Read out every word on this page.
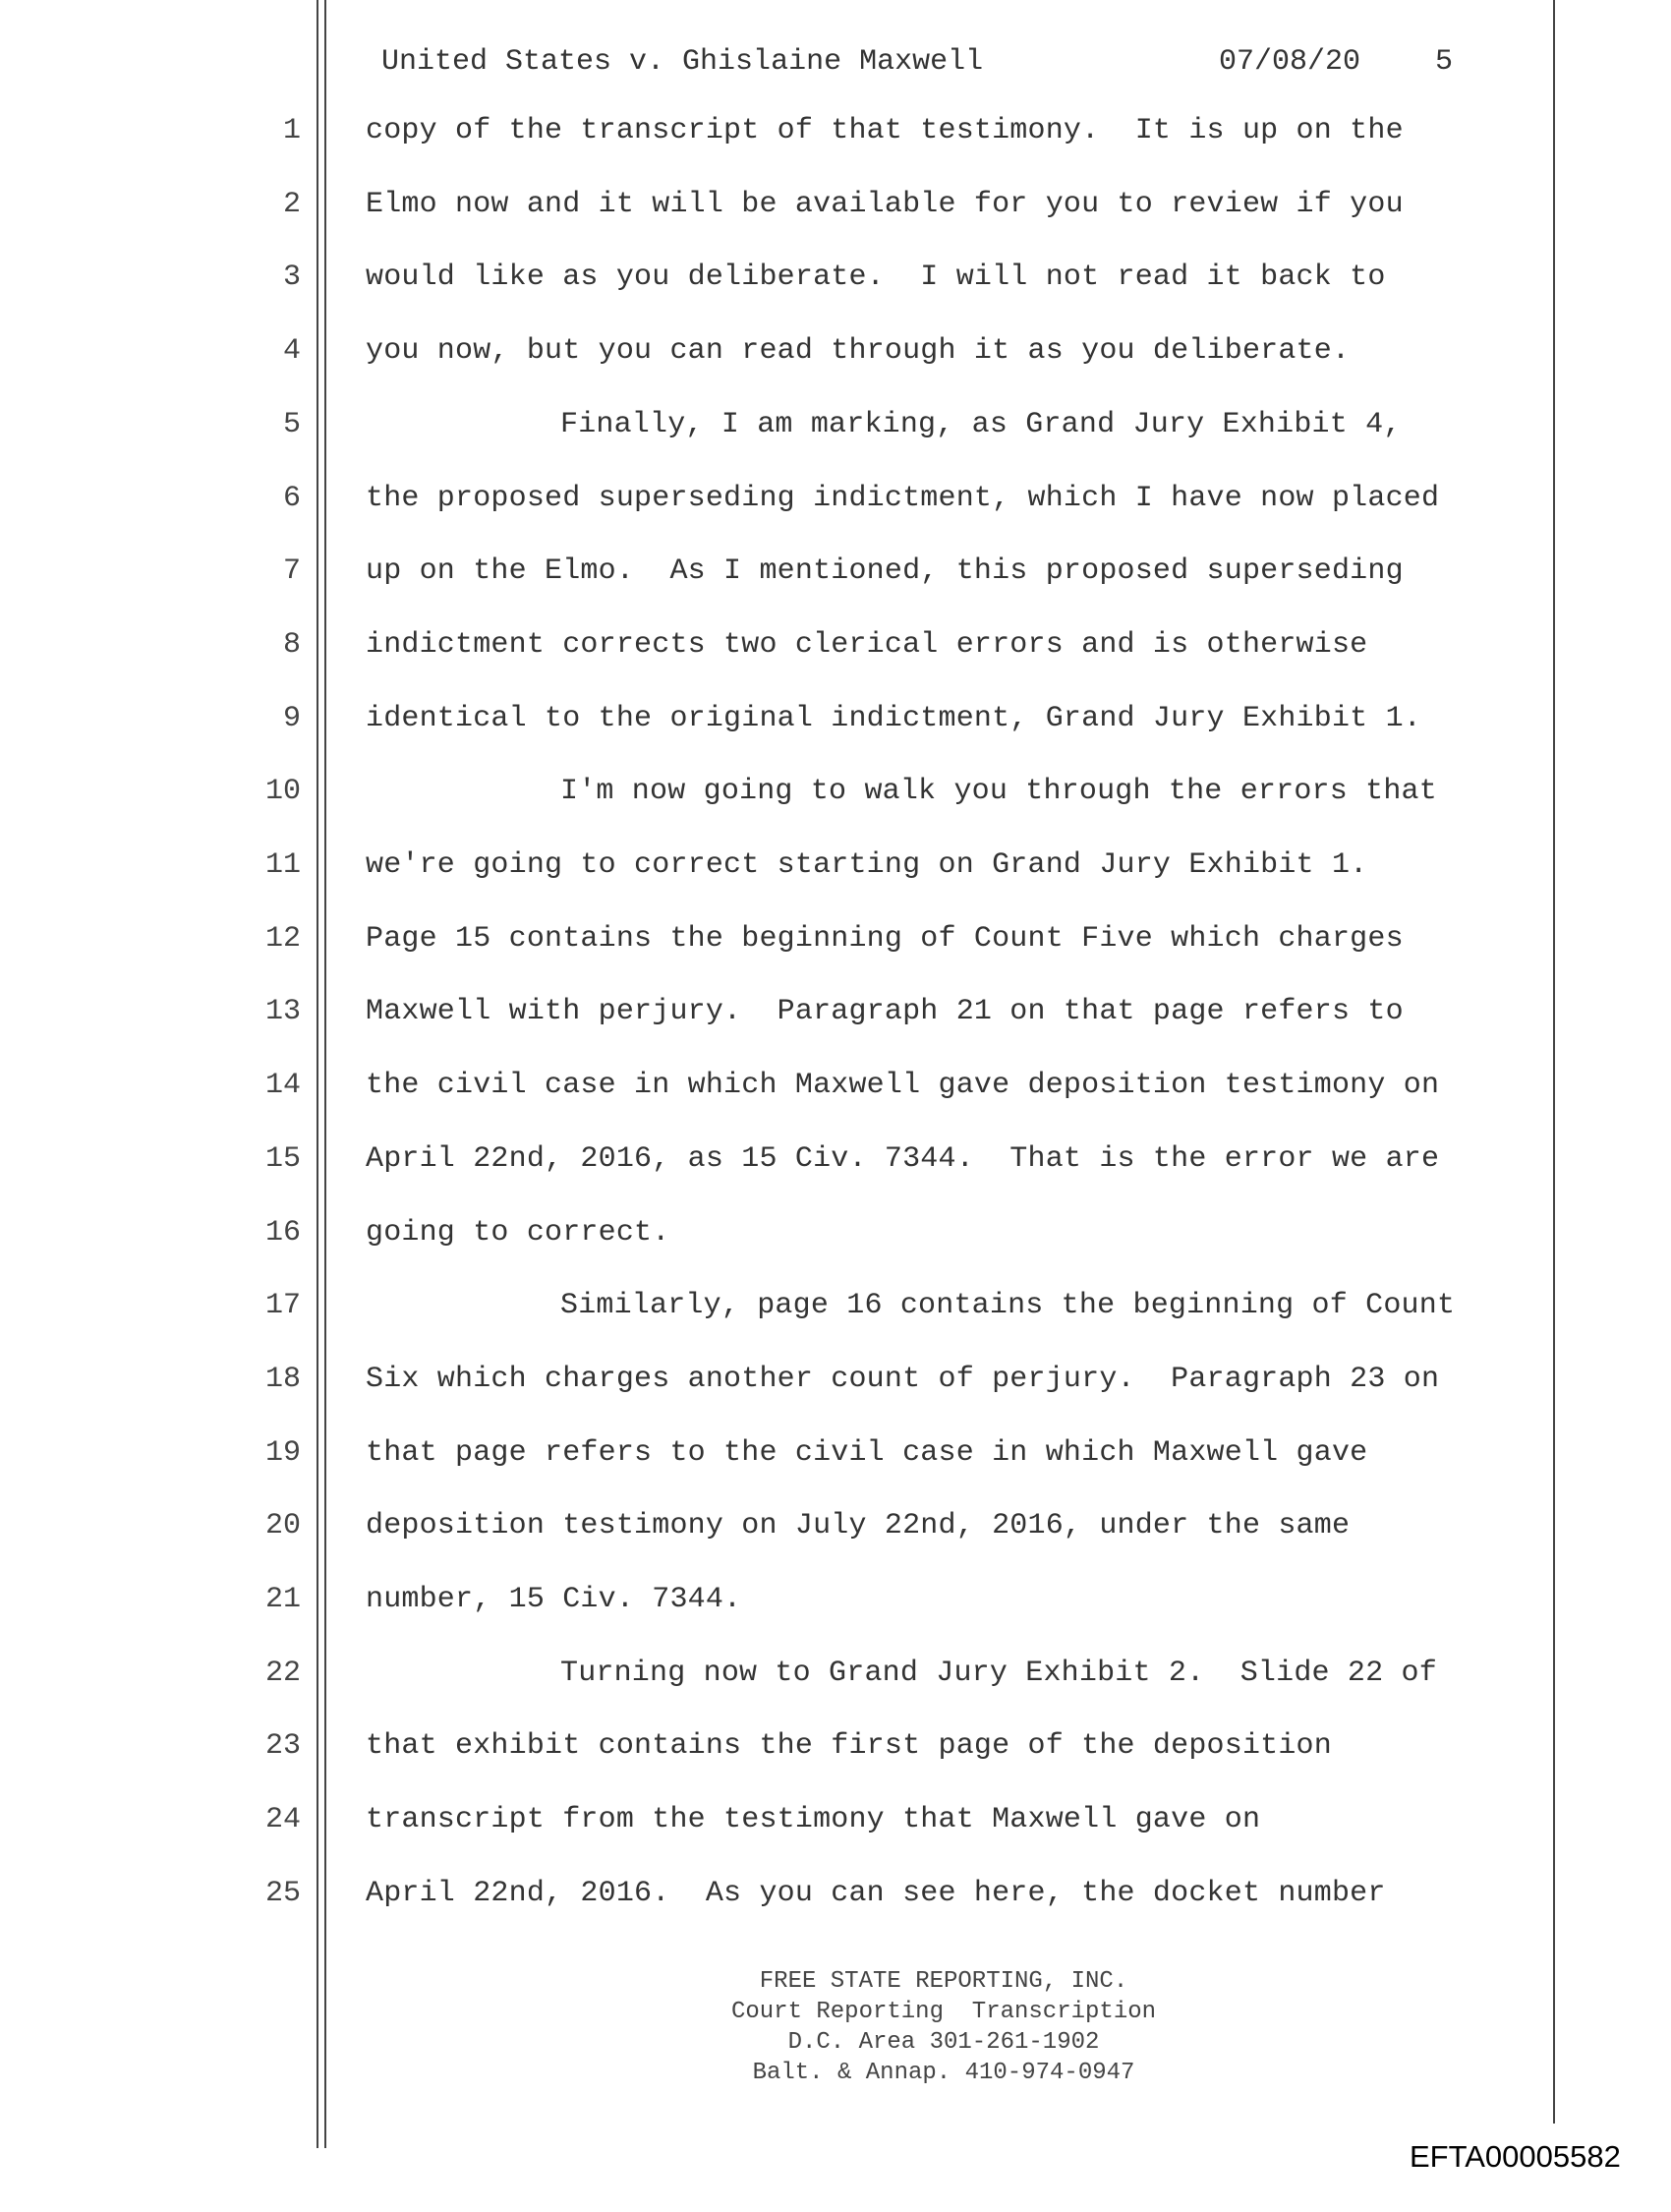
United States v. Ghislaine Maxwell

	07/08/20

	5

1 copy of the transcript of that testimony.  It is up on the
2 Elmo now and it will be available for you to review if you
3 would like as you deliberate.  I will not read it back to
4 you now, but you can read through it as you deliberate.
5	Finally, I am marking, as Grand Jury Exhibit 4,
6 the proposed superseding indictment, which I have now placed
7 up on the Elmo.  As I mentioned, this proposed superseding
8 indictment corrects two clerical errors and is otherwise
9 identical to the original indictment, Grand Jury Exhibit 1.
10	I'm now going to walk you through the errors that
11 we're going to correct starting on Grand Jury Exhibit 1.
12 Page 15 contains the beginning of Count Five which charges
13 Maxwell with perjury.  Paragraph 21 on that page refers to
14 the civil case in which Maxwell gave deposition testimony on
15 April 22nd, 2016, as 15 Civ. 7344.  That is the error we are
16 going to correct.
17	Similarly, page 16 contains the beginning of Count
18 Six which charges another count of perjury.  Paragraph 23 on
19 that page refers to the civil case in which Maxwell gave
20 deposition testimony on July 22nd, 2016, under the same
21 number, 15 Civ. 7344.
22	Turning now to Grand Jury Exhibit 2.  Slide 22 of
23 that exhibit contains the first page of the deposition
24 transcript from the testimony that Maxwell gave on
25 April 22nd, 2016.  As you can see here, the docket number
FREE STATE REPORTING, INC.
Court Reporting  Transcription
D.C. Area 301-261-1902
Balt. & Annap. 410-974-0947
EFTA00005582
